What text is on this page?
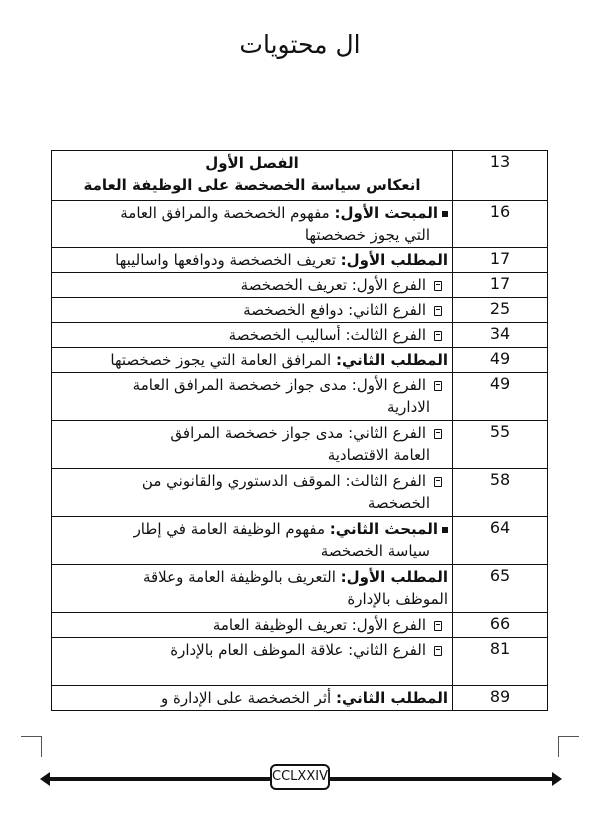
ال محتويات
الفصل الأول
انعكاس سياسة الخصخصة على الوظيفة العامة	13
المبحث الأول: مفهوم الخصخصة والمرافق العامة
التي يجوز خصخصتها	16
المطلب الأول: تعريف الخصخصة ودوافعها واساليبها	17
الفرع الأول: تعريف الخصخصة	17
الفرع الثاني: دوافع الخصخصة	25
الفرع الثالث: أساليب الخصخصة	34
المطلب الثاني: المرافق العامة التي يجوز خصخصتها	49
الفرع الأول: مدى جواز خصخصة المرافق العامة
الادارية	49
الفرع الثاني: مدى جواز خصخصة المرافق
العامة الاقتصادية	55
الفرع الثالث: الموقف الدستوري والقانوني من
الخصخصة	58
المبحث الثاني: مفهوم الوظيفة العامة في إطار
سياسة الخصخصة	64
المطلب الأول: التعريف بالوظيفة العامة وعلاقة
الموظف بالإدارة	65
الفرع الأول: تعريف الوظيفة العامة	66
الفرع الثاني: علاقة الموظف العام بالإدارة	81
المطلب الثاني: أثر الخصخصة على الإدارة و	89
CCLXXIV
